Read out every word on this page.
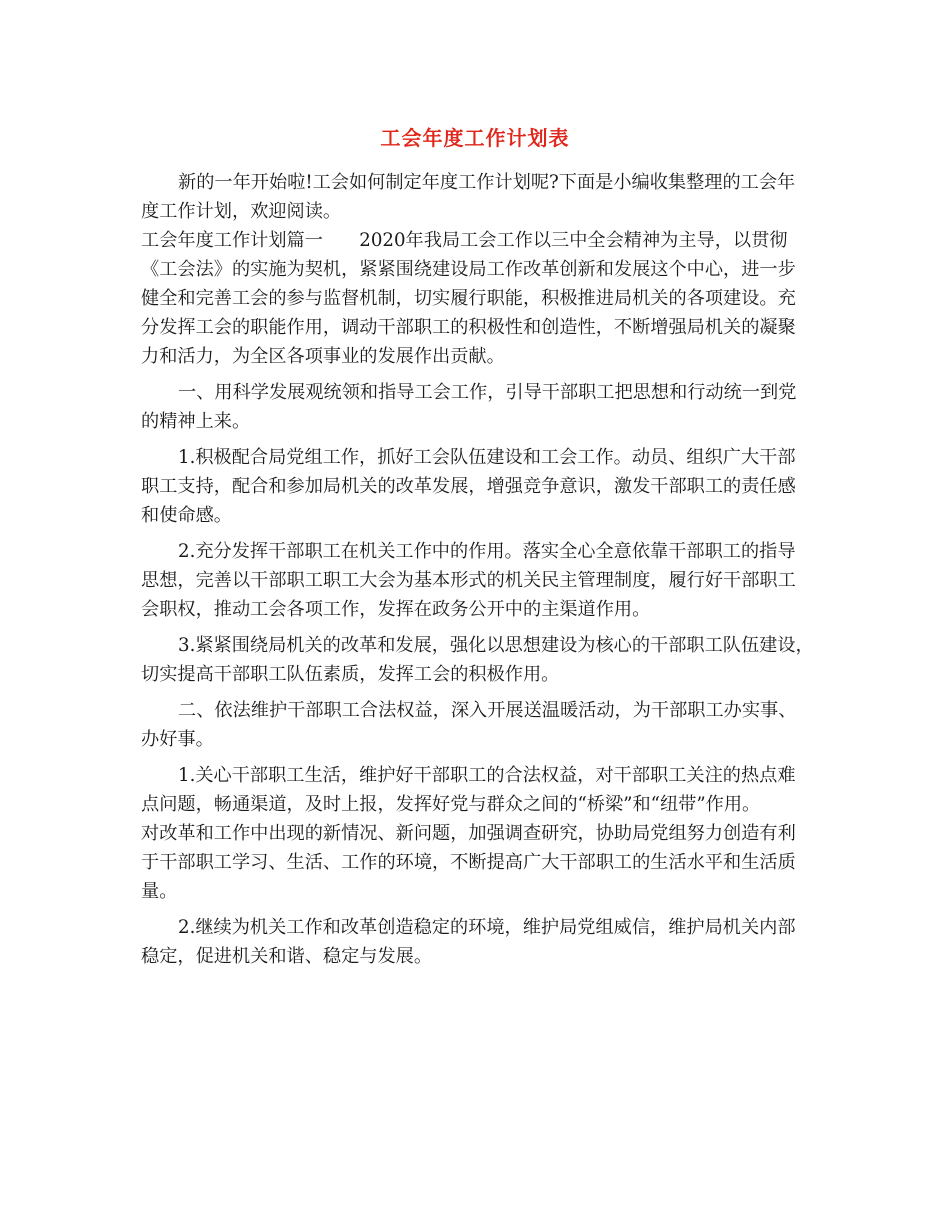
工会年度工作计划表
新的一年开始啦!工会如何制定年度工作计划呢?下面是小编收集整理的工会年
度工作计划，欢迎阅读。
工会年度工作计划篇一　　2020年我局工会工作以三中全会精神为主导，以贯彻
《工会法》的实施为契机，紧紧围绕建设局工作改革创新和发展这个中心，进一步
健全和完善工会的参与监督机制，切实履行职能，积极推进局机关的各项建设。充
分发挥工会的职能作用，调动干部职工的积极性和创造性，不断增强局机关的凝聚
力和活力，为全区各项事业的发展作出贡献。
一、用科学发展观统领和指导工会工作，引导干部职工把思想和行动统一到党
的精神上来。
1.积极配合局党组工作，抓好工会队伍建设和工会工作。动员、组织广大干部
职工支持，配合和参加局机关的改革发展，增强竞争意识，激发干部职工的责任感
和使命感。
2.充分发挥干部职工在机关工作中的作用。落实全心全意依靠干部职工的指导
思想，完善以干部职工职工大会为基本形式的机关民主管理制度，履行好干部职工
会职权，推动工会各项工作，发挥在政务公开中的主渠道作用。
3.紧紧围绕局机关的改革和发展，强化以思想建设为核心的干部职工队伍建设，
切实提高干部职工队伍素质，发挥工会的积极作用。
二、依法维护干部职工合法权益，深入开展送温暖活动，为干部职工办实事、
办好事。
1.关心干部职工生活，维护好干部职工的合法权益，对干部职工关注的热点难
点问题，畅通渠道，及时上报，发挥好党与群众之间的“桥梁”和“纽带”作用。
对改革和工作中出现的新情况、新问题，加强调查研究，协助局党组努力创造有利
于干部职工学习、生活、工作的环境，不断提高广大干部职工的生活水平和生活质
量。
2.继续为机关工作和改革创造稳定的环境，维护局党组威信，维护局机关内部
稳定，促进机关和谐、稳定与发展。
